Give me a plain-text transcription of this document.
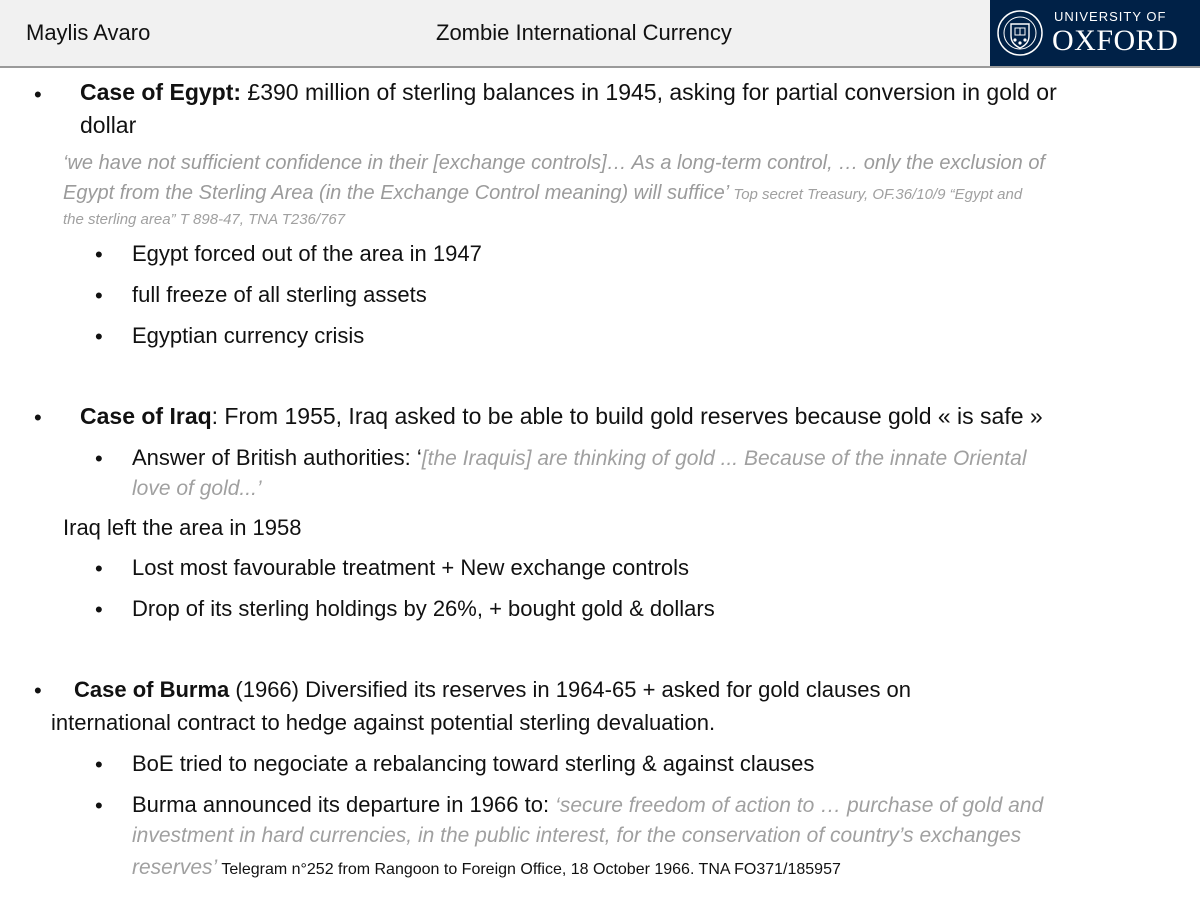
Maylis Avaro	Zombie International Currency
UNIVERSITY OF
OXFORD
• Case of Egypt: £390 million of sterling balances in 1945, asking for partial conversion in gold or
dollar
‘we have not sufficient confidence in their [exchange controls]… As a long-term control, … only the exclusion of
Egypt from the Sterling Area (in the Exchange Control meaning) will suffice’ Top secret Treasury, OF.36/10/9 “Egypt and
the sterling area” T 898-47, TNA T236/767
• Egypt forced out of the area in 1947
• full freeze of all sterling assets
• Egyptian currency crisis
• Case of Iraq: From 1955, Iraq asked to be able to build gold reserves because gold « is safe »
• Answer of British authorities: ‘[the Iraquis] are thinking of gold ... Because of the innate Oriental
love of gold...’
Iraq left the area in 1958
• Lost most favourable treatment + New exchange controls
• Drop of its sterling holdings by 26%, + bought gold & dollars
• Case of Burma (1966) Diversified its reserves in 1964-65 + asked for gold clauses on
international contract to hedge against potential sterling devaluation.
• BoE tried to negociate a rebalancing toward sterling & against clauses
• Burma announced its departure in 1966 to: ‘secure freedom of action to … purchase of gold and
investment in hard currencies, in the public interest, for the conservation of country’s exchanges
reserves’ Telegram n°252 from Rangoon to Foreign Office, 18 October 1966. TNA FO371/185957
